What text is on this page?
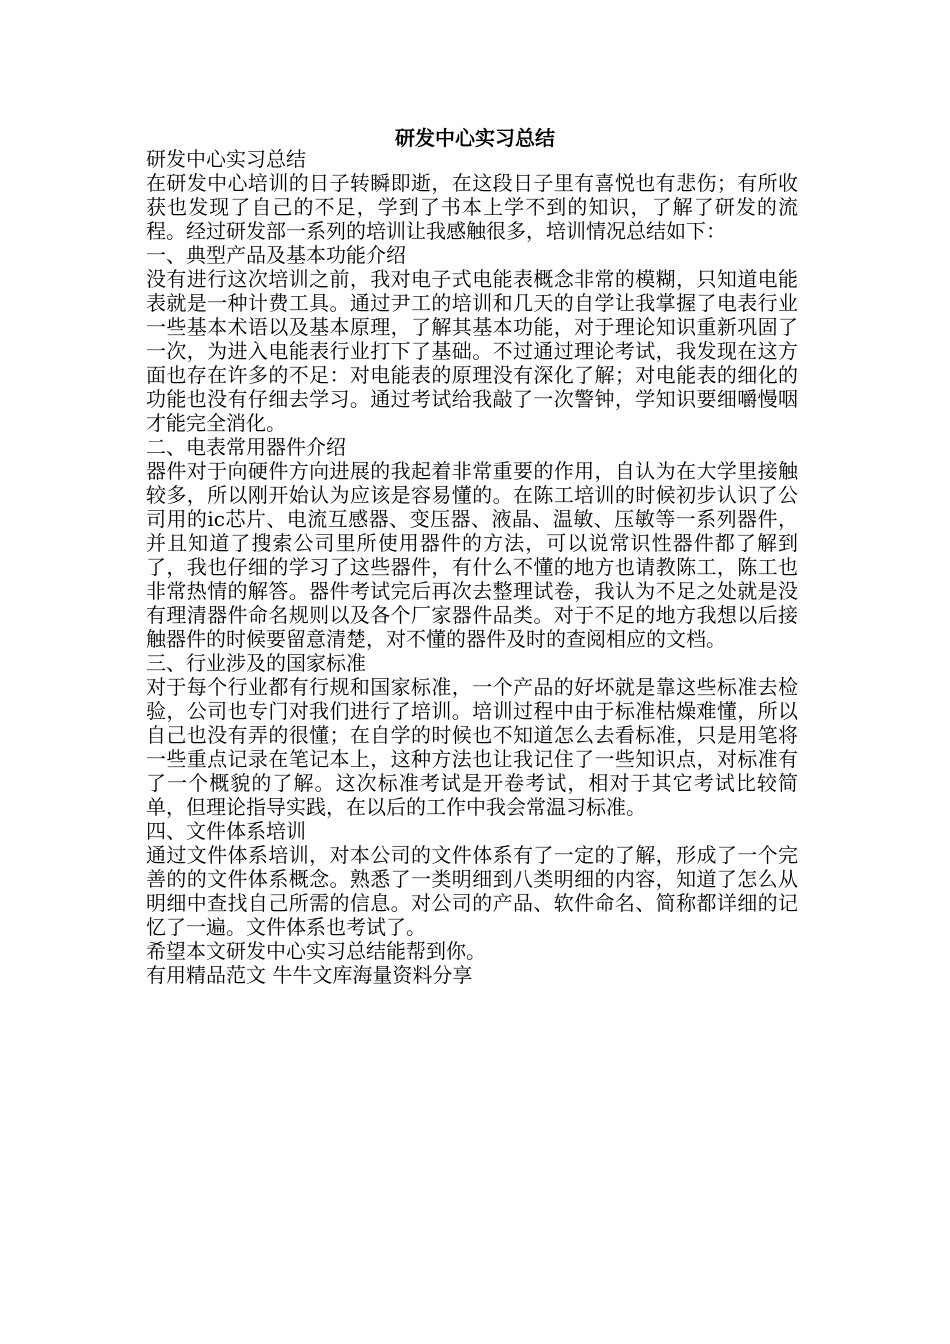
研发中心实习总结

研发中心实习总结

在研发中心培训的日子转瞬即逝，在这段日子里有喜悦也有悲伤；有所收获也发现了自己的不足，学到了书本上学不到的知识，了解了研发的流程。经过研发部一系列的培训让我感触很多，培训情况总结如下：

一、典型产品及基本功能介绍

没有进行这次培训之前，我对电子式电能表概念非常的模糊，只知道电能表就是一种计费工具。通过尹工的培训和几天的自学让我掌握了电表行业一些基本术语以及基本原理，了解其基本功能，对于理论知识重新巩固了一次，为进入电能表行业打下了基础。不过通过理论考试，我发现在这方面也存在许多的不足：对电能表的原理没有深化了解；对电能表的细化的功能也没有仔细去学习。通过考试给我敲了一次警钟，学知识要细嚼慢咽才能完全消化。

二、电表常用器件介绍

器件对于向硬件方向进展的我起着非常重要的作用，自认为在大学里接触较多，所以刚开始认为应该是容易懂的。在陈工培训的时候初步认识了公司用的ic芯片、电流互感器、变压器、液晶、温敏、压敏等一系列器件，并且知道了搜索公司里所使用器件的方法，可以说常识性器件都了解到了，我也仔细的学习了这些器件，有什么不懂的地方也请教陈工，陈工也非常热情的解答。器件考试完后再次去整理试卷，我认为不足之处就是没有理清器件命名规则以及各个厂家器件品类。对于不足的地方我想以后接触器件的时候要留意清楚，对不懂的器件及时的查阅相应的文档。

三、行业涉及的国家标准

对于每个行业都有行规和国家标准，一个产品的好坏就是靠这些标准去检验，公司也专门对我们进行了培训。培训过程中由于标准枯燥难懂，所以自己也没有弄的很懂；在自学的时候也不知道怎么去看标准，只是用笔将一些重点记录在笔记本上，这种方法也让我记住了一些知识点，对标准有了一个概貌的了解。这次标准考试是开卷考试，相对于其它考试比较简单，但理论指导实践，在以后的工作中我会常温习标准。

四、文件体系培训

通过文件体系培训，对本公司的文件体系有了一定的了解，形成了一个完善的的文件体系概念。熟悉了一类明细到八类明细的内容，知道了怎么从明细中查找自己所需的信息。对公司的产品、软件命名、简称都详细的记忆了一遍。文件体系也考试了。

希望本文研发中心实习总结能帮到你。

有用精品范文 牛牛文库海量资料分享
